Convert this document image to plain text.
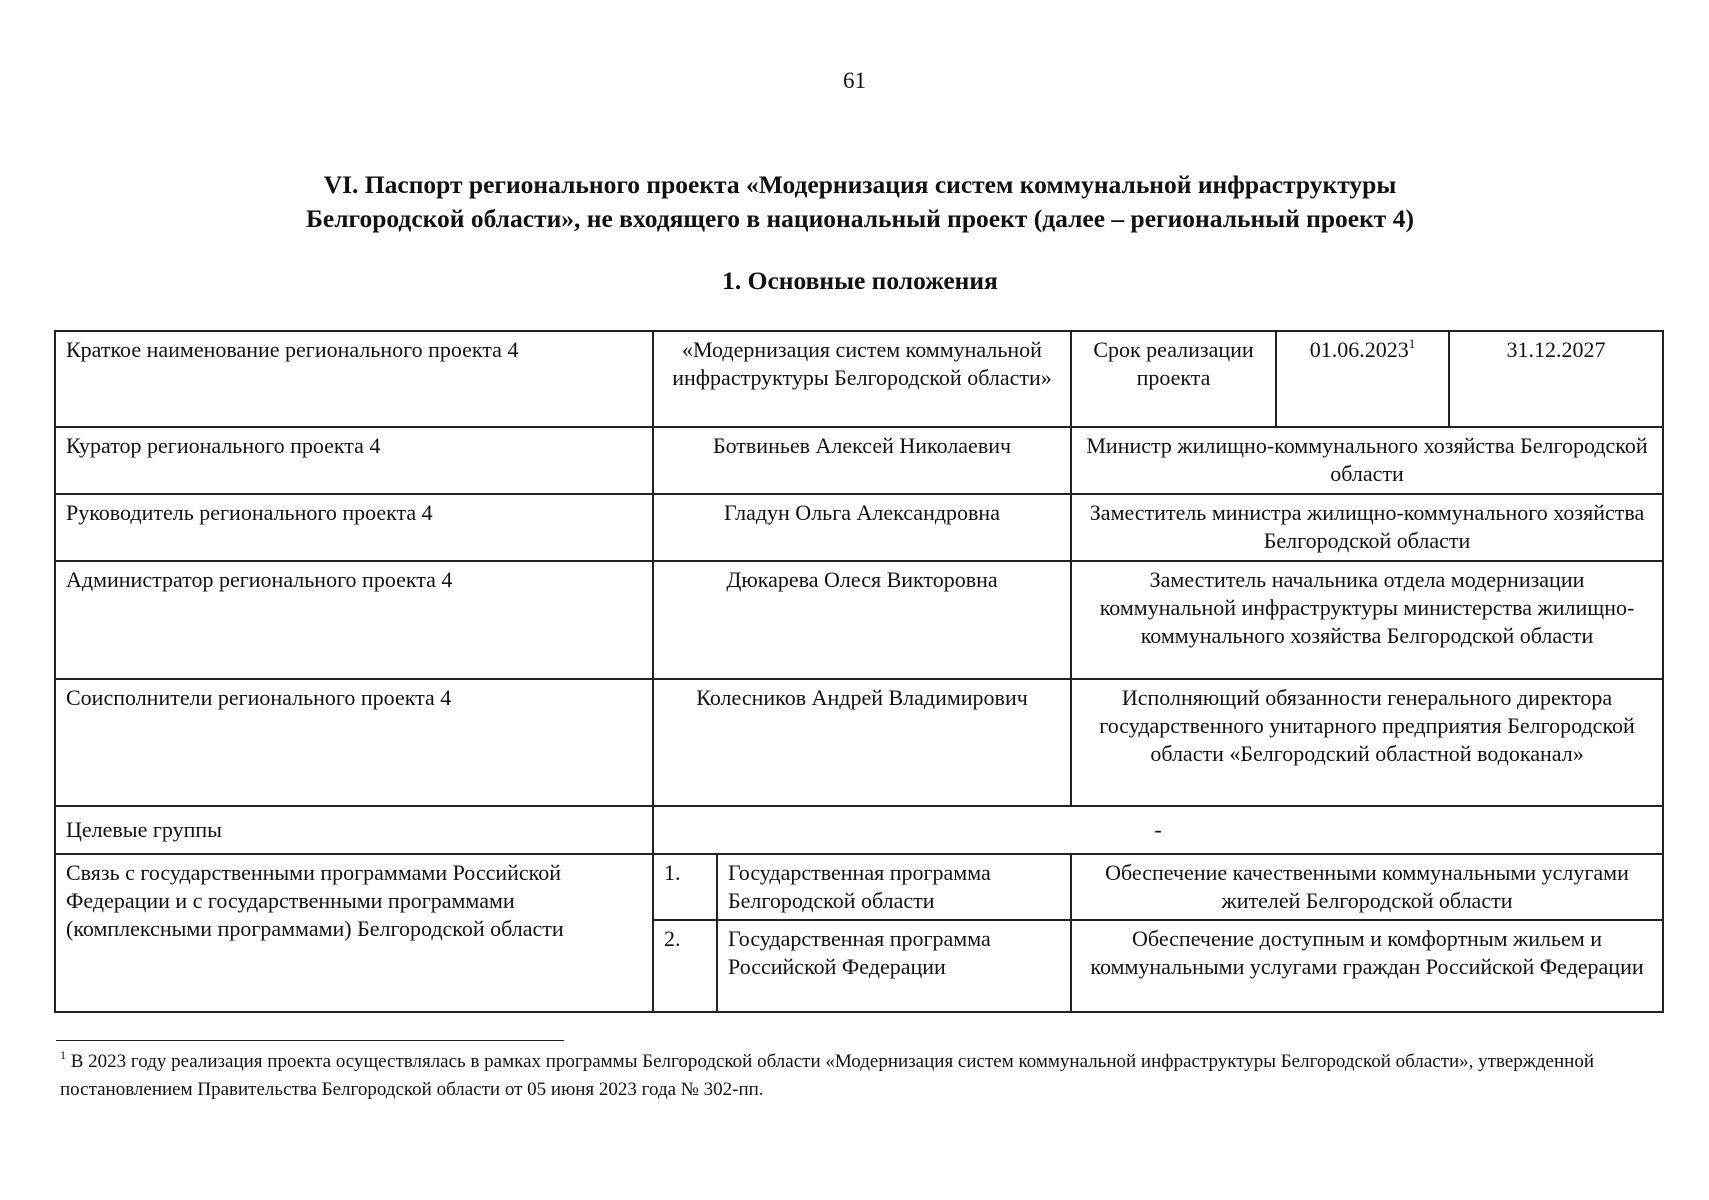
61
VI. Паспорт регионального проекта «Модернизация систем коммунальной инфраструктуры
Белгородской области», не входящего в национальный проект (далее – региональный проект 4)
1. Основные положения
Краткое наименование регионального проекта 4	«Модернизация систем коммунальной инфраструктуры Белгородской области»		Срок реализации проекта	01.06.2023$^1$	31.12.2027
Куратор регионального проекта 4	Ботвиньев Алексей Николаевич		Министр жилищно-коммунального хозяйства Белгородской области		
Руководитель регионального проекта 4	Гладун Ольга Александровна		Заместитель министра жилищно-коммунального хозяйства Белгородской области		
Администратор регионального проекта 4	Дюкарева Олеся Викторовна		Заместитель начальника отдела модернизации коммунальной инфраструктуры министерства жилищно-коммунального хозяйства Белгородской области		
Соисполнители регионального проекта 4	Колесников Андрей Владимирович		Исполняющий обязанности генерального директора государственного унитарного предприятия Белгородской области «Белгородский областной водоканал»		
Целевые группы	-				
Связь с государственными программами Российской Федерации и с государственными программами (комплексными программами) Белгородской области	1.	Государственная программа Белгородской области	Обеспечение качественными коммунальными услугами жителей Белгородской области		
	2.	Государственная программа Российской Федерации	Обеспечение доступным и комфортным жильем и коммунальными услугами граждан Российской Федерации		
$^1$ В 2023 году реализация проекта осуществлялась в рамках программы Белгородской области «Модернизация систем коммунальной инфраструктуры Белгородской области», утвержденной постановлением Правительства Белгородской области от 05 июня 2023 года № 302-пп.
